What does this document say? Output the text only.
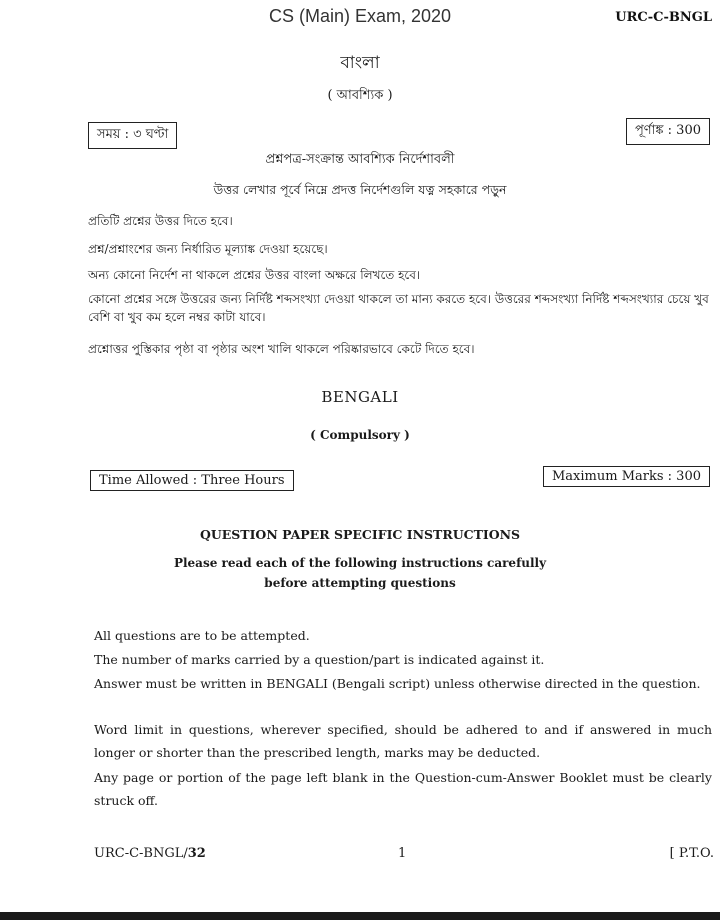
CS (Main) Exam, 2020	URC-C-BNGL
বাংলা
( আবশ্যিক )
সময় : ৩ ঘণ্টা	পূর্ণাঙ্ক : 300
প্রশ্নপত্র-সংক্রান্ত আবশ্যিক নির্দেশাবলী
উত্তর লেখার পূর্বে নিম্নে প্রদত্ত নির্দেশগুলি যত্ন সহকারে পড়ুন
প্রতিটি প্রশ্নের উত্তর দিতে হবে।
প্রশ্ন/প্রশ্নাংশের জন্য নির্ধারিত মূল্যাঙ্ক দেওয়া হয়েছে।
অন্য কোনো নির্দেশ না থাকলে প্রশ্নের উত্তর বাংলা অক্ষরে লিখতে হবে।
কোনো প্রশ্নের সঙ্গে উত্তরের জন্য নির্দিষ্ট শব্দসংখ্যা দেওয়া থাকলে তা মান্য করতে হবে। উত্তরের শব্দসংখ্যা নির্দিষ্ট শব্দসংখ্যার চেয়ে খুব বেশি বা খুব কম হলে নম্বর কাটা যাবে।
প্রশ্নোত্তর পুস্তিকার পৃষ্ঠা বা পৃষ্ঠার অংশ খালি থাকলে পরিষ্কারভাবে কেটে দিতে হবে।
BENGALI
( Compulsory )
Time Allowed : Three Hours	Maximum Marks : 300
QUESTION PAPER SPECIFIC INSTRUCTIONS
Please read each of the following instructions carefully
before attempting questions
All questions are to be attempted.
The number of marks carried by a question/part is indicated against it.
Answer must be written in BENGALI (Bengali script) unless otherwise directed in the question.
Word limit in questions, wherever specified, should be adhered to and if answered in much longer or shorter than the prescribed length, marks may be deducted.
Any page or portion of the page left blank in the Question-cum-Answer Booklet must be clearly struck off.
URC-C-BNGL/32	1	[ P.T.O.
